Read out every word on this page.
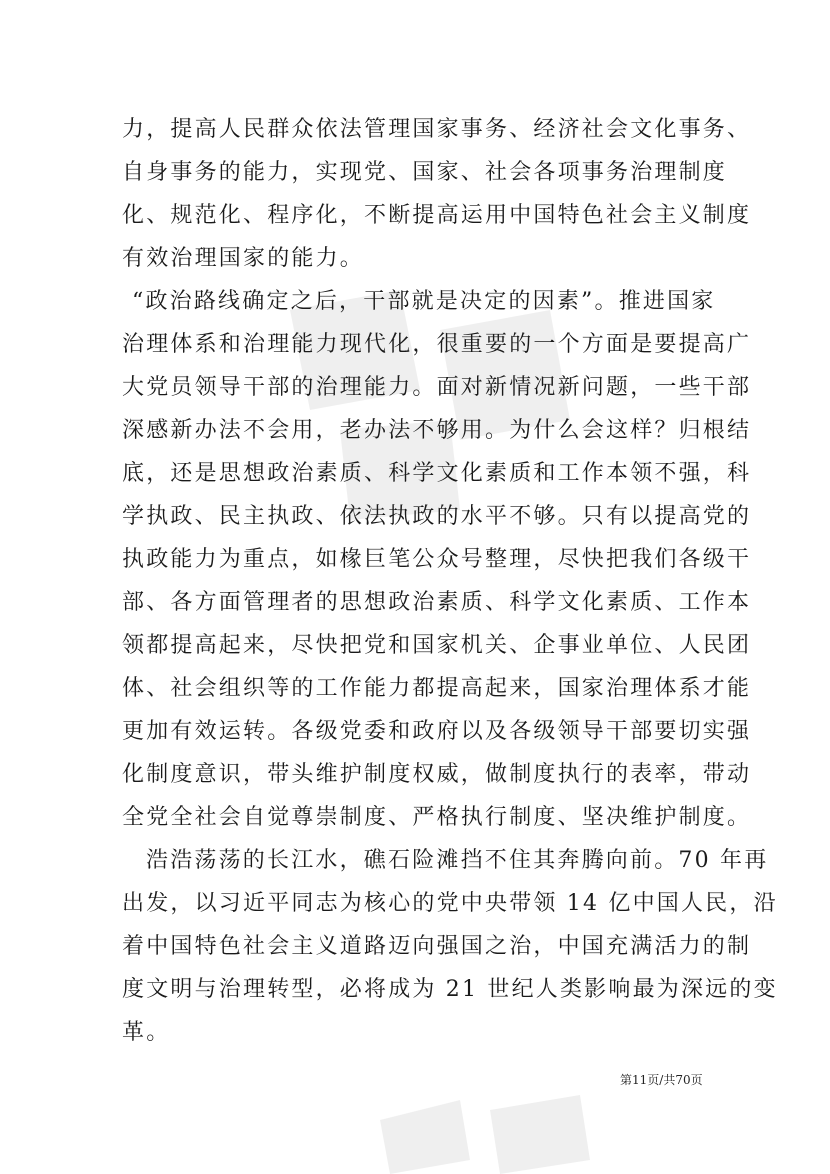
力，提高人民群众依法管理国家事务、经济社会文化事务、
自身事务的能力，实现党、国家、社会各项事务治理制度
化、规范化、程序化，不断提高运用中国特色社会主义制度
有效治理国家的能力。
“政治路线确定之后，干部就是决定的因素”。推进国家
治理体系和治理能力现代化，很重要的一个方面是要提高广
大党员领导干部的治理能力。面对新情况新问题，一些干部
深感新办法不会用，老办法不够用。为什么会这样？归根结
底，还是思想政治素质、科学文化素质和工作本领不强，科
学执政、民主执政、依法执政的水平不够。只有以提高党的
执政能力为重点，如椽巨笔公众号整理，尽快把我们各级干
部、各方面管理者的思想政治素质、科学文化素质、工作本
领都提高起来，尽快把党和国家机关、企事业单位、人民团
体、社会组织等的工作能力都提高起来，国家治理体系才能
更加有效运转。各级党委和政府以及各级领导干部要切实强
化制度意识，带头维护制度权威，做制度执行的表率，带动
全党全社会自觉尊崇制度、严格执行制度、坚决维护制度。
浩浩荡荡的长江水，礁石险滩挡不住其奔腾向前。70 年再
出发，以习近平同志为核心的党中央带领 14 亿中国人民，沿
着中国特色社会主义道路迈向强国之治，中国充满活力的制
度文明与治理转型，必将成为 21 世纪人类影响最为深远的变
革。
第11页/共70页
